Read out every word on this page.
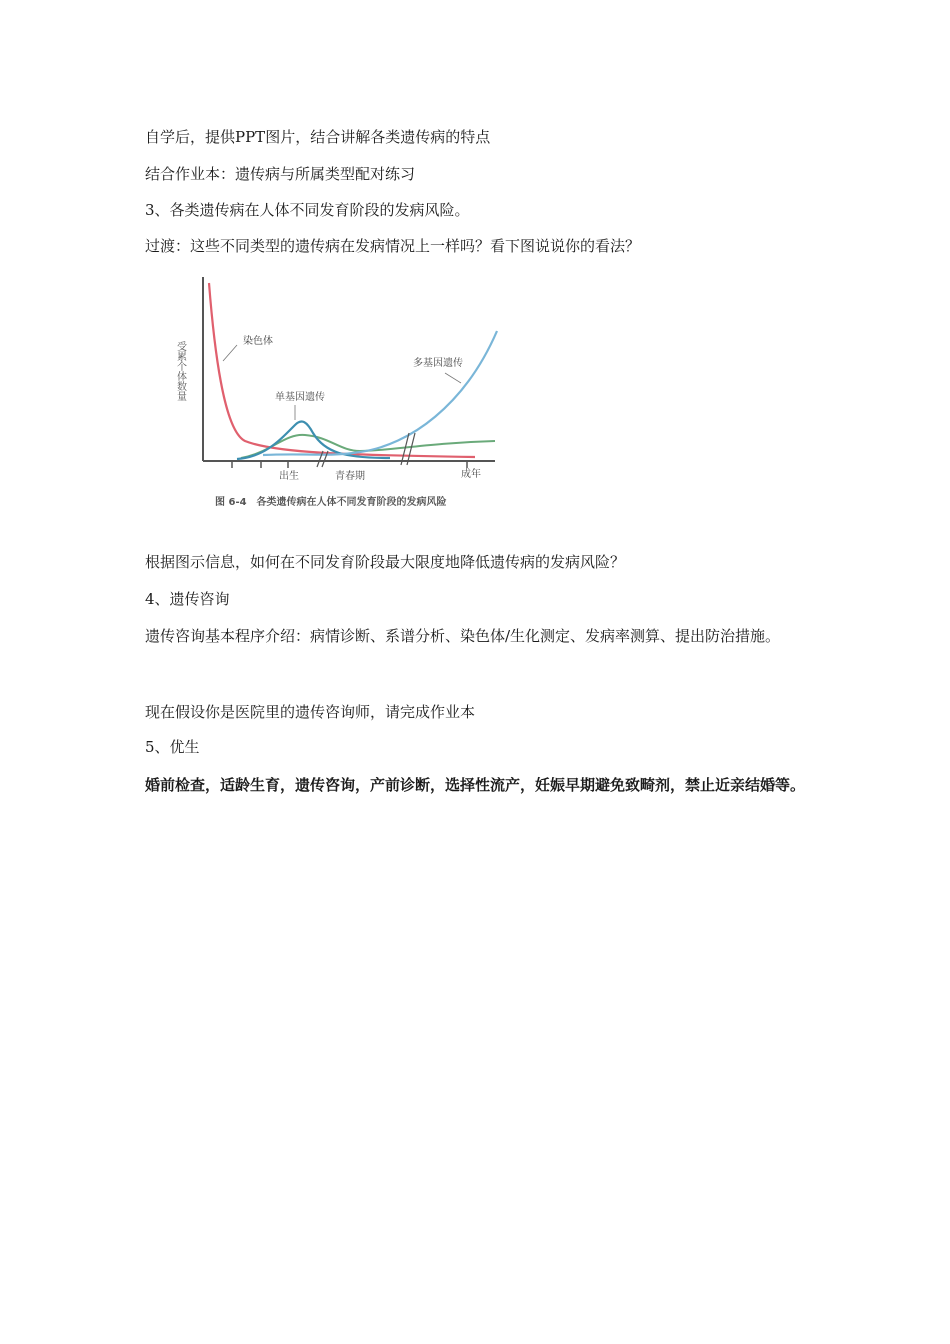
自学后，提供PPT图片，结合讲解各类遗传病的特点

结合作业本：遗传病与所属类型配对练习

3、各类遗传病在人体不同发育阶段的发病风险。

过渡：这些不同类型的遗传病在发病情况上一样吗？看下图说说你的看法？

受累个体数量	染色体
单基因遗传
多基因遗传
出生	青春期	成年
图 6-4　各类遗传病在人体不同发育阶段的发病风险

根据图示信息，如何在不同发育阶段最大限度地降低遗传病的发病风险？

4、遗传咨询

遗传咨询基本程序介绍：病情诊断、系谱分析、染色体/生化测定、发病率测算、提出防治措施。

现在假设你是医院里的遗传咨询师，请完成作业本

5、优生

婚前检查，适龄生育，遗传咨询，产前诊断，选择性流产，妊娠早期避免致畸剂，禁止近亲结婚等。
